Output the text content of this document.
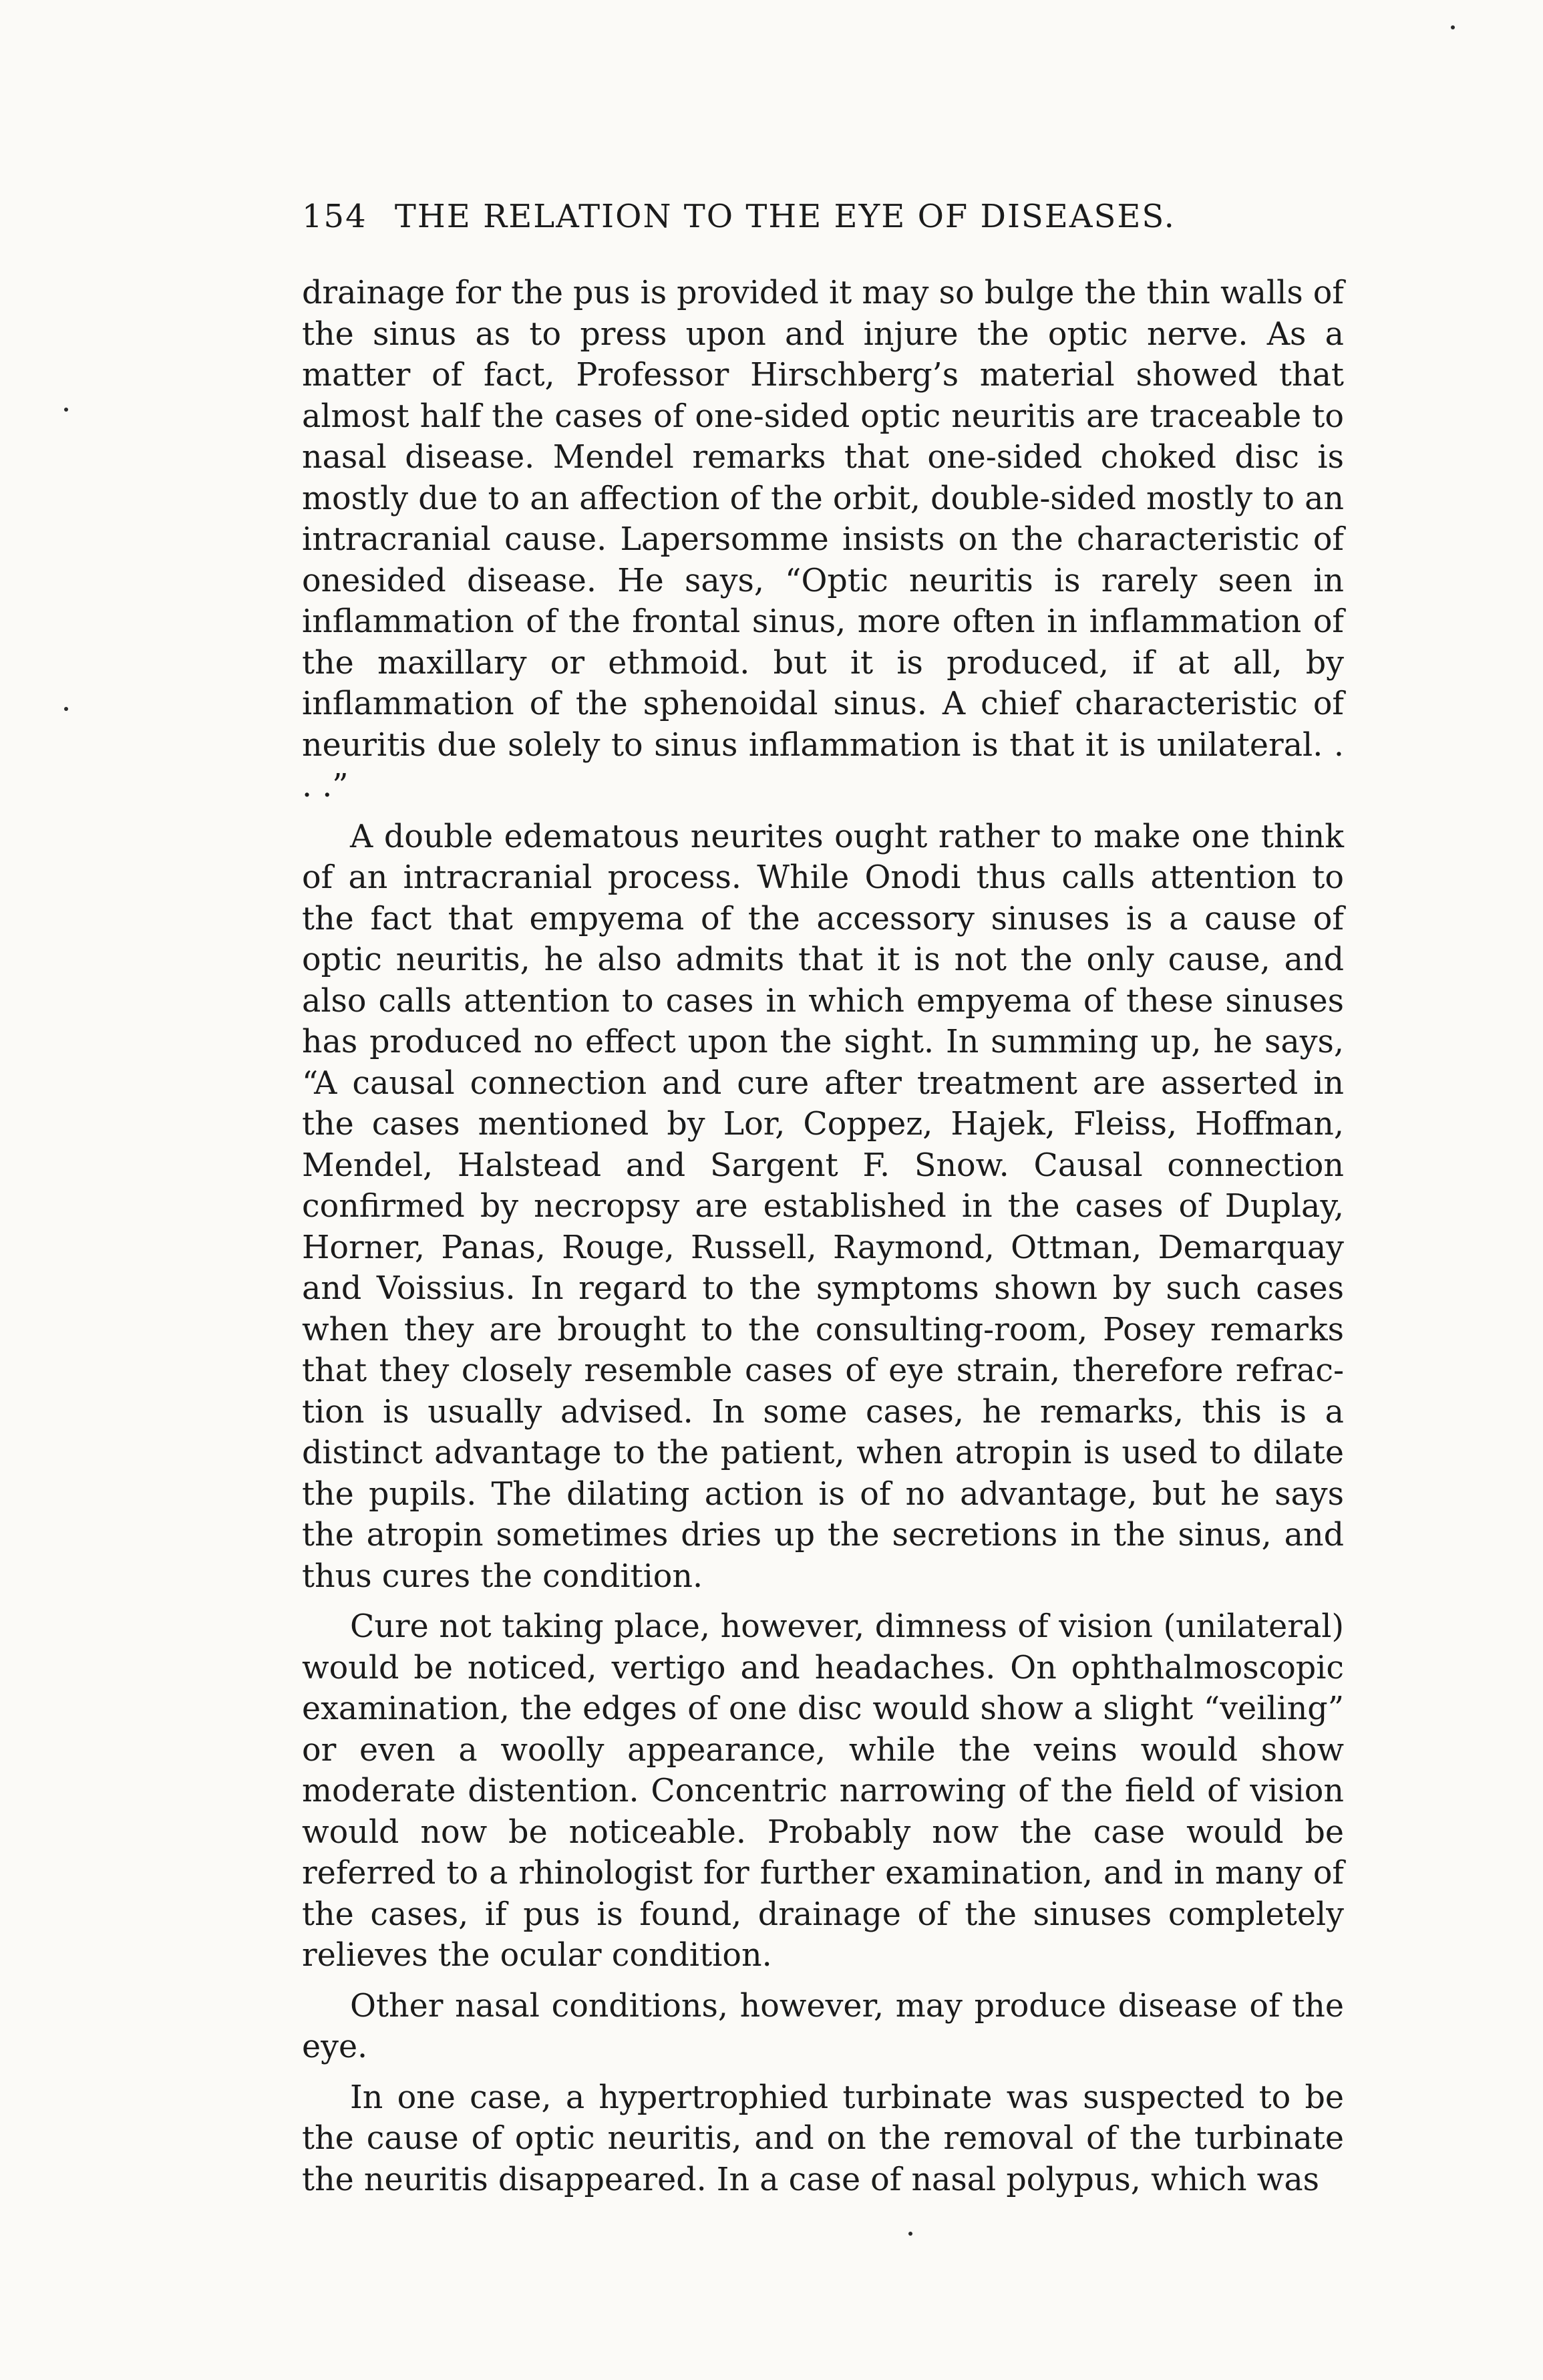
154 THE RELATION TO THE EYE OF DISEASES.

drainage for the pus is provided it may so bulge the thin walls of the sinus as to press upon and injure the optic nerve. As a matter of fact, Professor Hirschberg’s material showed that almost half the cases of one-sided optic neuritis are traceable to nasal disease. Mendel remarks that one-sided choked disc is mostly due to an affection of the orbit, double-sided mostly to an intracranial cause. Lapersomme insists on the characteristic of onesided disease. He says, “Optic neuritis is rarely seen in inflammation of the frontal sinus, more often in inflammation of the maxillary or ethmoid. but it is produced, if at all, by inflammation of the sphenoidal sinus. A chief characteristic of neuritis due solely to sinus inflammation is that it is unilateral. . . .”

A double edematous neurites ought rather to make one think of an intracranial process. While Onodi thus calls attention to the fact that empyema of the accessory sinuses is a cause of optic neuritis, he also admits that it is not the only cause, and also calls attention to cases in which empyema of these sinuses has produced no effect upon the sight. In summing up, he says, “A causal connection and cure after treatment are asserted in the cases mentioned by Lor, Coppez, Hajek, Fleiss, Hoffman, Mendel, Halstead and Sargent F. Snow. Causal connection confirmed by necropsy are established in the cases of Duplay, Horner, Panas, Rouge, Russell, Raymond, Ottman, Demarquay and Voissius. In regard to the symptoms shown by such cases when they are brought to the consulting-room, Posey remarks that they closely resemble cases of eye strain, therefore refraction is usually advised. In some cases, he remarks, this is a distinct advantage to the patient, when atropin is used to dilate the pupils. The dilating action is of no advantage, but he says the atropin sometimes dries up the secretions in the sinus, and thus cures the condition.

Cure not taking place, however, dimness of vision (unilateral) would be noticed, vertigo and headaches. On ophthalmoscopic examination, the edges of one disc would show a slight “veiling” or even a woolly appearance, while the veins would show moderate distention. Concentric narrowing of the field of vision would now be noticeable. Probably now the case would be referred to a rhinologist for further examination, and in many of the cases, if pus is found, drainage of the sinuses completely relieves the ocular condition.

Other nasal conditions, however, may produce disease of the eye.

In one case, a hypertrophied turbinate was suspected to be the cause of optic neuritis, and on the removal of the turbinate the neuritis disappeared. In a case of nasal polypus, which was
